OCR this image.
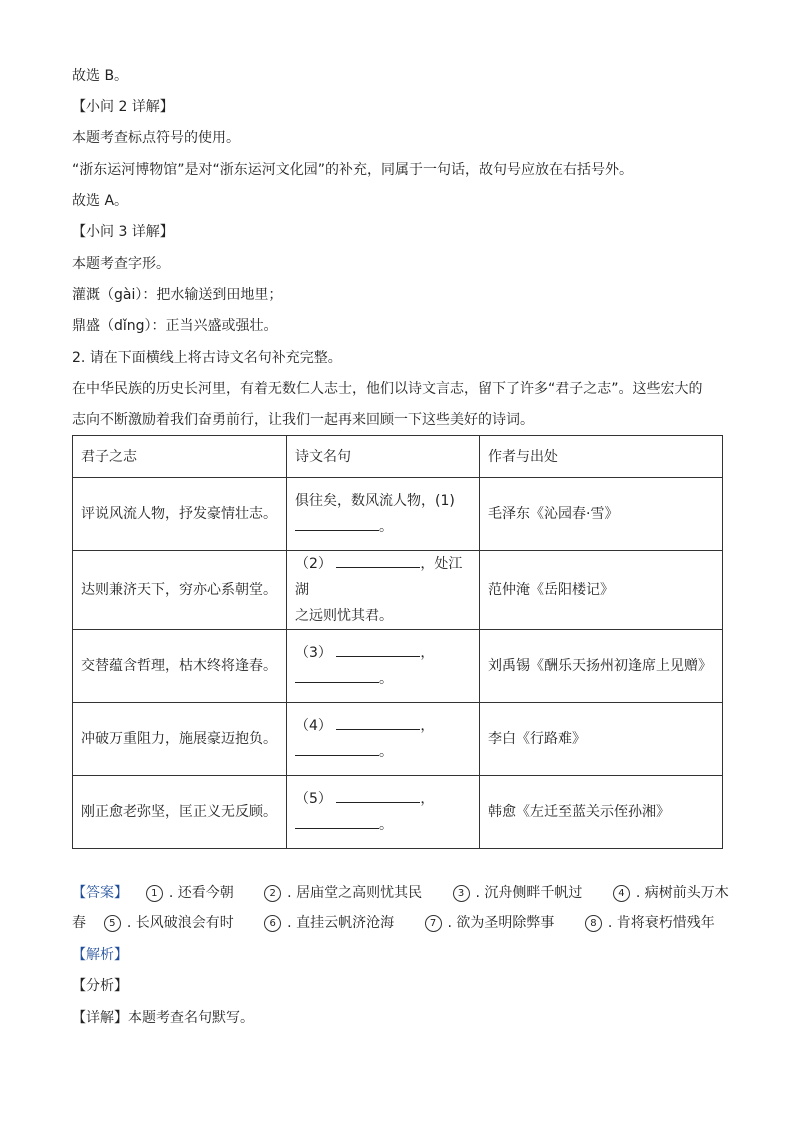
故选 B。
【小问 2 详解】
本题考查标点符号的使用。
“浙东运河博物馆”是对“浙东运河文化园”的补充，同属于一句话，故句号应放在右括号外。
故选 A。
【小问 3 详解】
本题考查字形。
灌溉（gài）：把水输送到田地里；
鼎盛（dǐng）：正当兴盛或强壮。
2. 请在下面横线上将古诗文名句补充完整。
在中华民族的历史长河里，有着无数仁人志士，他们以诗文言志，留下了许多“君子之志”。这些宏大的
志向不断激励着我们奋勇前行，让我们一起再来回顾一下这些美好的诗词。
君子之志	诗文名句	作者与出处
评说风流人物，抒发豪情壮志。	俱往矣，数风流人物，(1)
。	毛泽东《沁园春·雪》
达则兼济天下，穷亦心系朝堂。	（2） ，处江湖
之远则忧其君。	范仲淹《岳阳楼记》
交替蕴含哲理，枯木终将逢春。	（3） ，
。	刘禹锡《酬乐天扬州初逢席上见赠》
冲破万重阻力，施展豪迈抱负。	（4） ，
。	李白《行路难》
刚正愈老弥坚，匡正义无反顾。	（5） ，
。	韩愈《左迁至蓝关示侄孙湘》
【答案】 1 . 还看今朝	2 . 居庙堂之高则忧其民	3 . 沉舟侧畔千帆过	4 . 病树前头万木
春 5 . 长风破浪会有时	6 . 直挂云帆济沧海	7 . 欲为圣明除弊事	8 . 肯将衰朽惜残年
【解析】
【分析】
【详解】本题考查名句默写。
